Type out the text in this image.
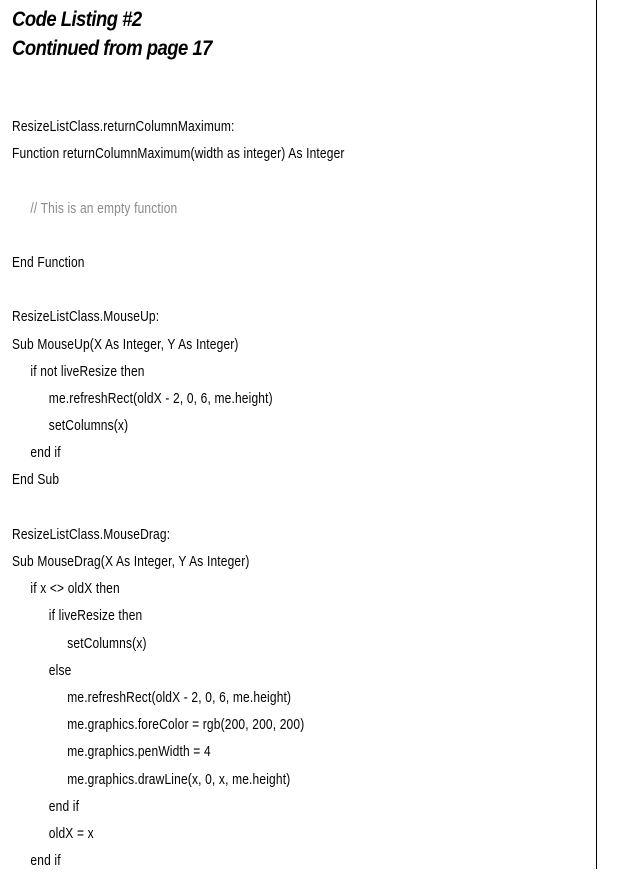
Code Listing #2
Continued from page 17
ResizeListClass.returnColumnMaximum:
Function returnColumnMaximum(width as integer) As Integer
// This is an empty function
End Function
ResizeListClass.MouseUp:
Sub MouseUp(X As Integer, Y As Integer)
if not liveResize then
me.refreshRect(oldX - 2, 0, 6, me.height)
setColumns(x)
end if
End Sub
ResizeListClass.MouseDrag:
Sub MouseDrag(X As Integer, Y As Integer)
if x <> oldX then
if liveResize then
setColumns(x)
else
me.refreshRect(oldX - 2, 0, 6, me.height)
me.graphics.foreColor = rgb(200, 200, 200)
me.graphics.penWidth = 4
me.graphics.drawLine(x, 0, x, me.height)
end if
oldX = x
end if
